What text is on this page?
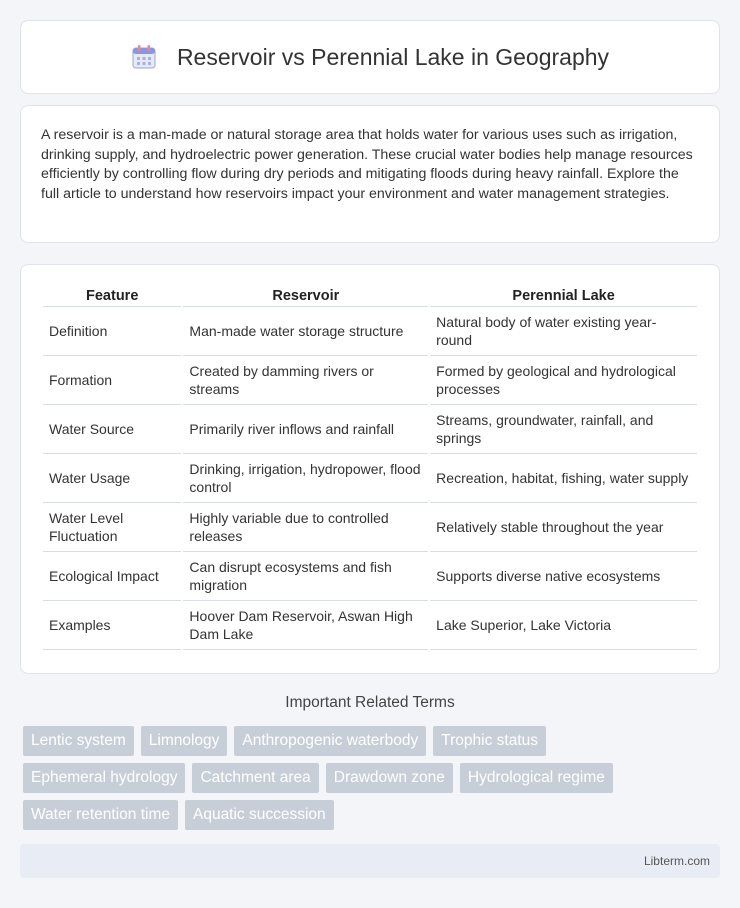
Reservoir vs Perennial Lake in Geography

A reservoir is a man-made or natural storage area that holds water for various uses such as irrigation, drinking supply, and hydroelectric power generation. These crucial water bodies help manage resources efficiently by controlling flow during dry periods and mitigating floods during heavy rainfall. Explore the full article to understand how reservoirs impact your environment and water management strategies.

Feature	Reservoir	Perennial Lake
Definition	Man-made water storage structure	Natural body of water existing year-round
Formation	Created by damming rivers or streams	Formed by geological and hydrological processes
Water Source	Primarily river inflows and rainfall	Streams, groundwater, rainfall, and springs
Water Usage	Drinking, irrigation, hydropower, flood control	Recreation, habitat, fishing, water supply
Water Level Fluctuation	Highly variable due to controlled releases	Relatively stable throughout the year
Ecological Impact	Can disrupt ecosystems and fish migration	Supports diverse native ecosystems
Examples	Hoover Dam Reservoir, Aswan High Dam Lake	Lake Superior, Lake Victoria
Important Related Terms
Lentic system	Limnology	Anthropogenic waterbody	Trophic status
Ephemeral hydrology	Catchment area	Drawdown zone	Hydrological regime
Water retention time	Aquatic succession
Libterm.com
